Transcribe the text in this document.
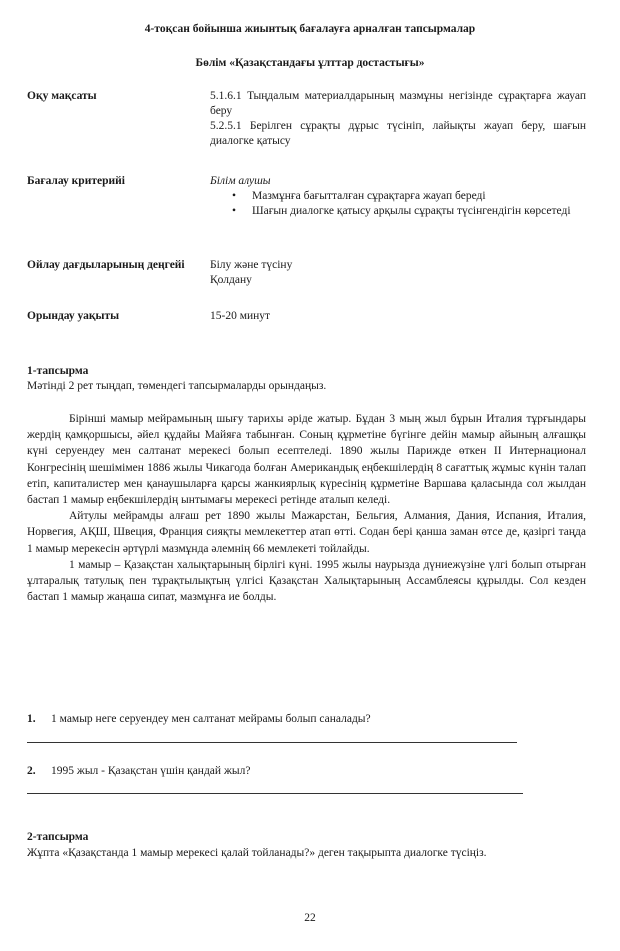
4-тоқсан бойынша жиынтық бағалауға арналған тапсырмалар
Бөлім «Қазақстандағы ұлттар достастығы»
Оқу мақсаты	5.1.6.1 Тыңдалым материалдарының мазмұны негізінде сұрақтарға жауап беру
5.2.5.1 Берілген сұрақты дұрыс түсініп, лайықты жауап беру, шағын диалогке қатысу
Бағалау критерийі	Білім алушы
• Мазмұнға бағытталған сұрақтарға жауап береді
• Шағын диалогке қатысу арқылы сұрақты түсінгендігін көрсетеді
Ойлау дағдыларының деңгейі	Білу және түсіну
Қолдану
Орындау уақыты	15-20 минут
1-тапсырма
Мәтінді 2 рет тыңдап, төмендегі тапсырмаларды орындаңыз.

Бірінші мамыр мейрамының шығу тарихы әріде жатыр. Бұдан 3 мың жыл бұрын Италия тұрғындары жердің қамқоршысы, әйел құдайы Майяға табынған. Соның құрметіне бүгінге дейін мамыр айының алғашқы күні серуендеу мен салтанат мерекесі болып есептеледі. 1890 жылы Парижде өткен II Интернационал Конгресінің шешімімен 1886 жылы Чикагода болған Американдық еңбекшілердің 8 сағаттық жұмыс күнін талап етіп, капиталистер мен қанаушыларға қарсы жанкиярлық күресінің құрметіне Варшава қаласында сол жылдан бастап 1 мамыр еңбекшілердің ынтымағы мерекесі ретінде аталып келеді.

Айтулы мейрамды алғаш рет 1890 жылы Мажарстан, Бельгия, Алмания, Дания, Испания, Италия, Норвегия, АҚШ, Швеция, Франция сияқты мемлекеттер атап өтті. Содан бері қанша заман өтсе де, қазіргі таңда 1 мамыр мерекесін әртүрлі мазмұнда әлемнің 66 мемлекеті тойлайды.

1 мамыр – Қазақстан халықтарының бірлігі күні. 1995 жылы наурызда дүниежүзіне үлгі болып отырған ұлтаралық татулық пен тұрақтылықтың үлгісі Қазақстан Халықтарының Ассамблеясы құрылды. Сол кезден бастап 1 мамыр жаңаша сипат, мазмұнға ие болды.

1. 1 мамыр неге серуендеу мен салтанат мейрамы болып саналады?
2. 1995 жыл - Қазақстан үшін қандай жыл?
2-тапсырма
Жұпта «Қазақстанда 1 мамыр мерекесі қалай тойланады?» деген тақырыпта диалогке түсіңіз.
22
